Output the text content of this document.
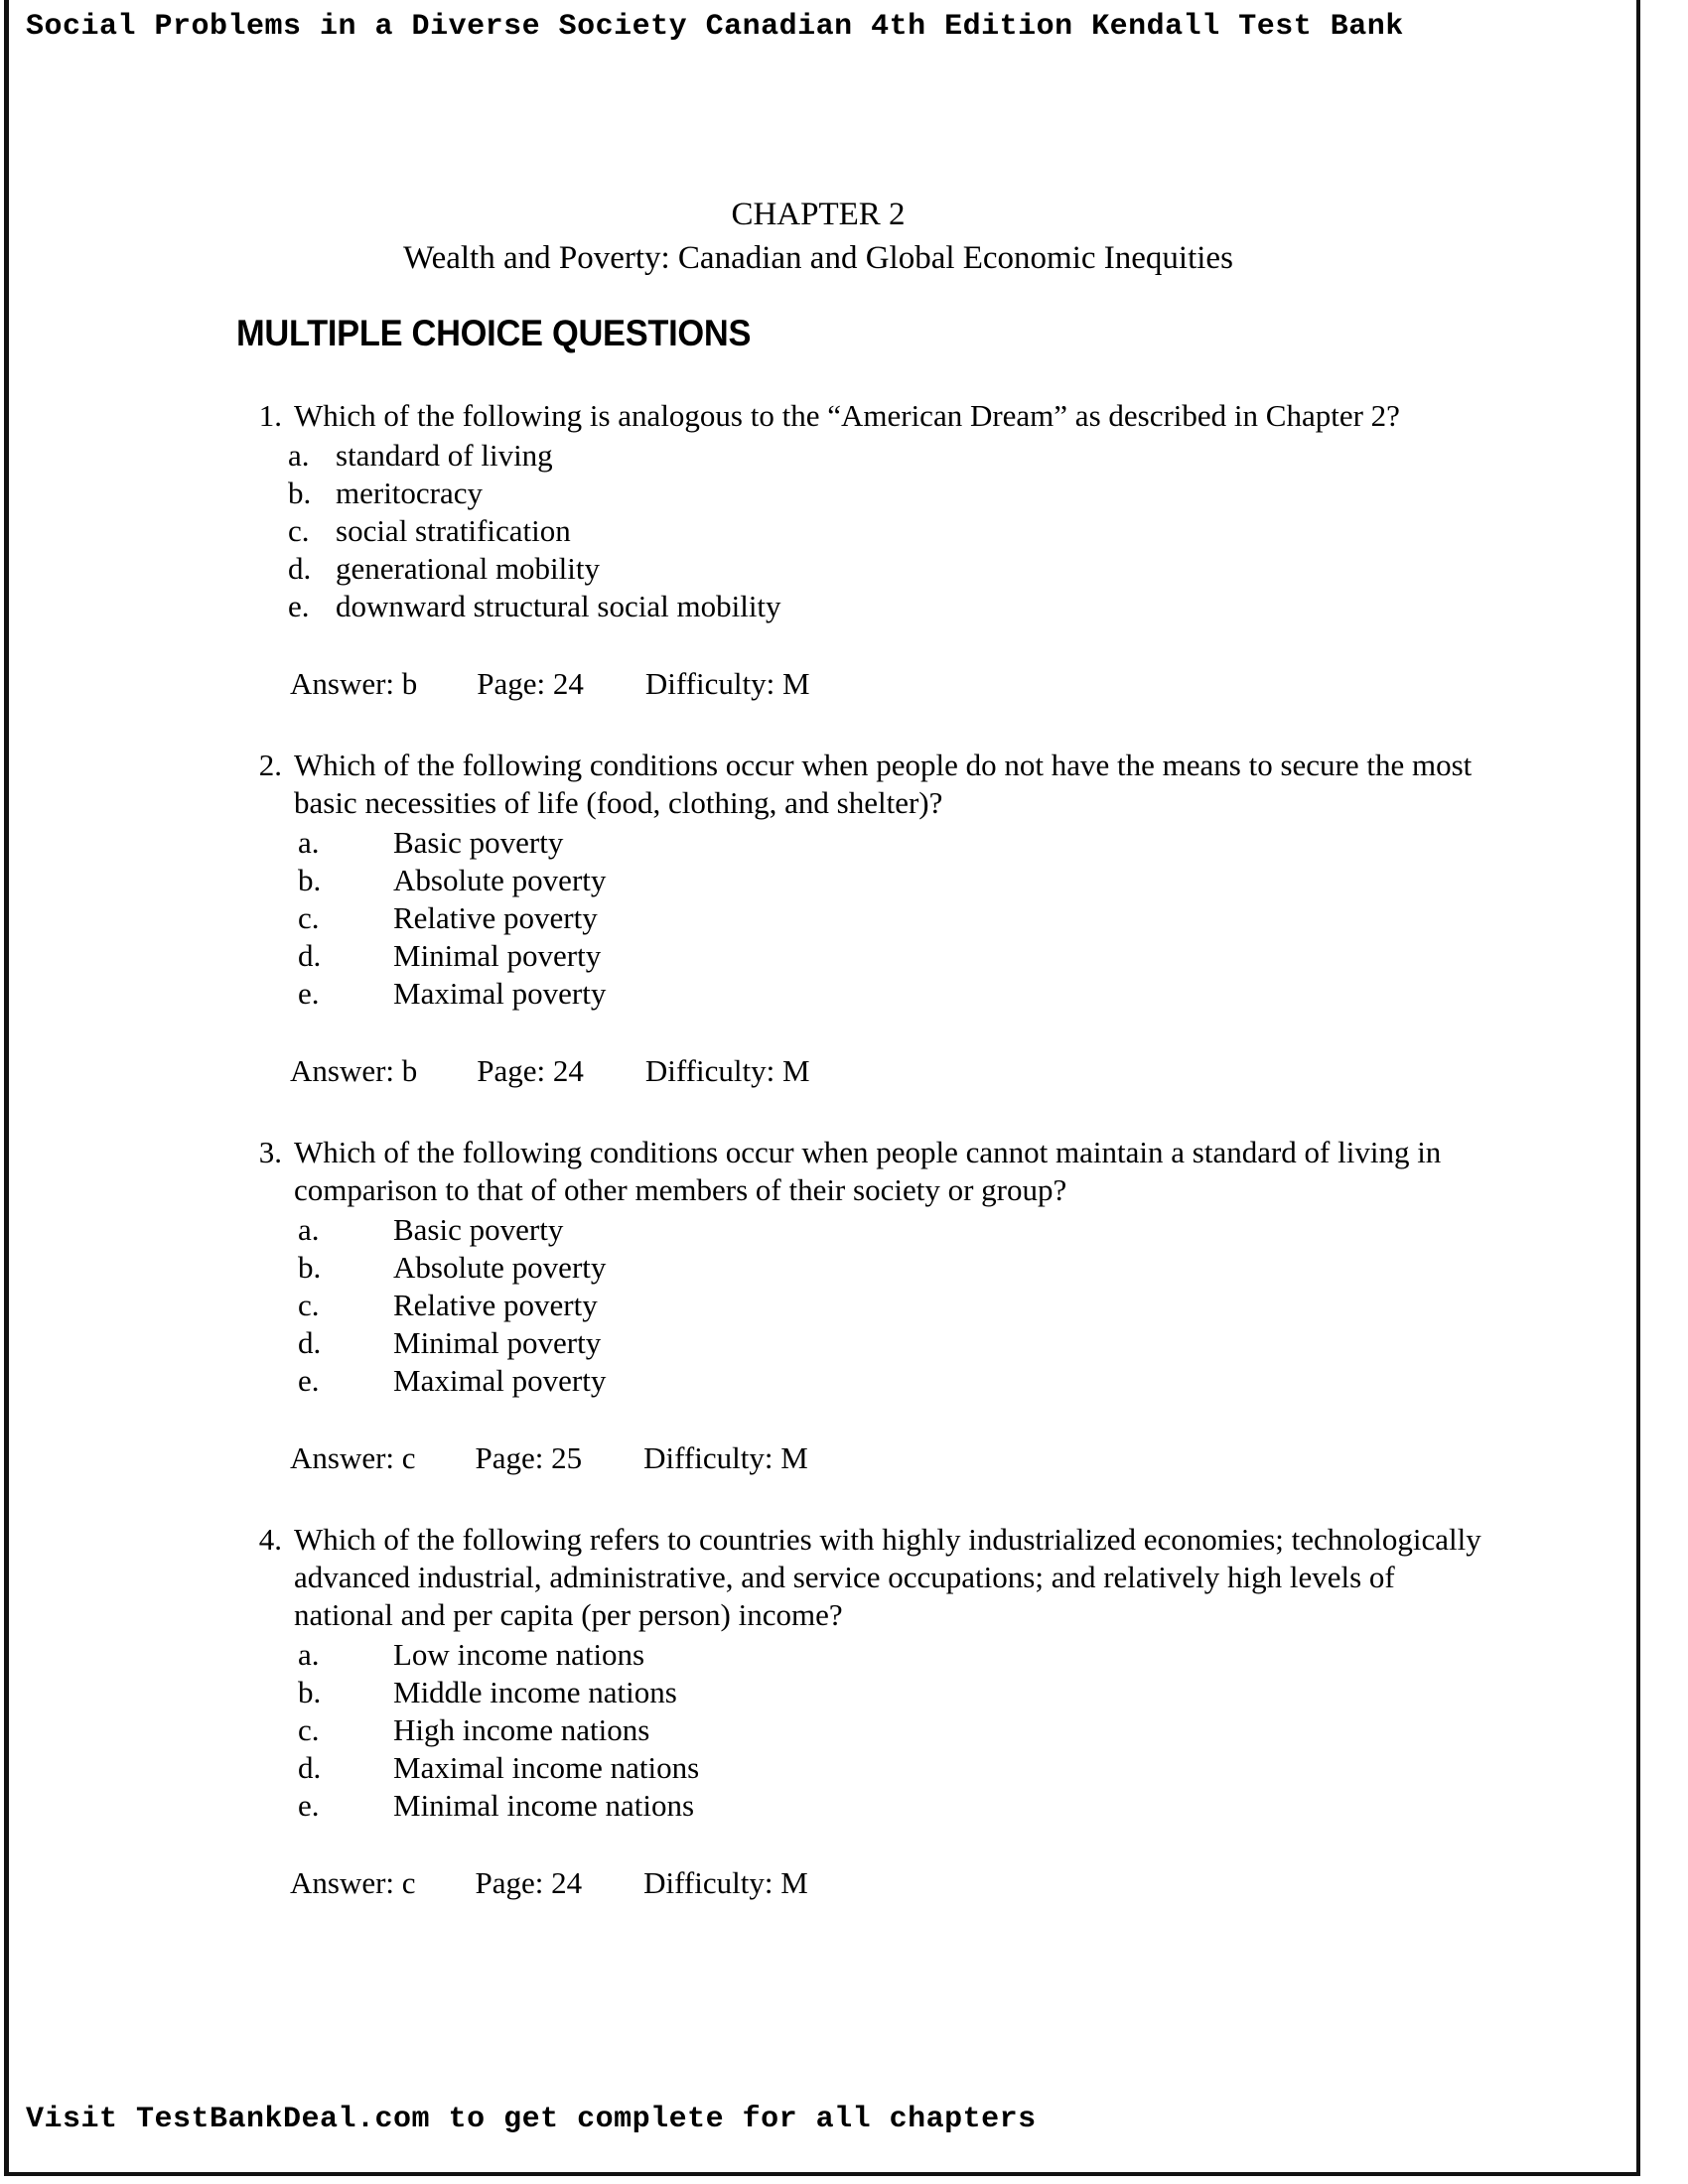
Social Problems in a Diverse Society Canadian 4th Edition Kendall Test Bank
CHAPTER 2
Wealth and Poverty: Canadian and Global Economic Inequities
MULTIPLE CHOICE QUESTIONS
1. Which of the following is analogous to the “American Dream” as described in Chapter 2?
a. standard of living
b. meritocracy
c. social stratification
d. generational mobility
e. downward structural social mobility
Answer: b Page: 24 Difficulty: M
2. Which of the following conditions occur when people do not have the means to secure the most basic necessities of life (food, clothing, and shelter)?
a. Basic poverty
b. Absolute poverty
c. Relative poverty
d. Minimal poverty
e. Maximal poverty
Answer: b Page: 24 Difficulty: M
3. Which of the following conditions occur when people cannot maintain a standard of living in comparison to that of other members of their society or group?
a. Basic poverty
b. Absolute poverty
c. Relative poverty
d. Minimal poverty
e. Maximal poverty
Answer: c Page: 25 Difficulty: M
4. Which of the following refers to countries with highly industrialized economies; technologically advanced industrial, administrative, and service occupations; and relatively high levels of national and per capita (per person) income?
a. Low income nations
b. Middle income nations
c. High income nations
d. Maximal income nations
e. Minimal income nations
Answer: c Page: 24 Difficulty: M
Visit TestBankDeal.com to get complete for all chapters
